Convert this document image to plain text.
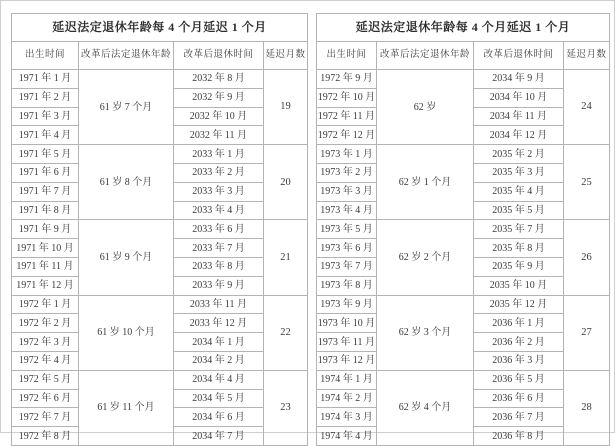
延迟法定退休年龄每 4 个月延迟 1 个月			
出生时间	改革后法定退休年龄	改革后退休时间	延迟月数
1971 年 1 月	61 岁 7 个月	2032 年 8 月	19
1971 年 2 月		2032 年 9 月	
1971 年 3 月		2032 年 10 月	
1971 年 4 月		2032 年 11 月	
1971 年 5 月	61 岁 8 个月	2033 年 1 月	20
1971 年 6 月		2033 年 2 月	
1971 年 7 月		2033 年 3 月	
1971 年 8 月		2033 年 4 月	
1971 年 9 月	61 岁 9 个月	2033 年 6 月	21
1971 年 10 月		2033 年 7 月	
1971 年 11 月		2033 年 8 月	
1971 年 12 月		2033 年 9 月	
1972 年 1 月	61 岁 10 个月	2033 年 11 月	22
1972 年 2 月		2033 年 12 月	
1972 年 3 月		2034 年 1 月	
1972 年 4 月		2034 年 2 月	
1972 年 5 月	61 岁 11 个月	2034 年 4 月	23
1972 年 6 月		2034 年 5 月	
1972 年 7 月		2034 年 6 月	
1972 年 8 月		2034 年 7 月	
延迟法定退休年龄每 4 个月延迟 1 个月			
出生时间	改革后法定退休年龄	改革后退休时间	延迟月数
1972 年 9 月	62 岁	2034 年 9 月	24
1972 年 10 月		2034 年 10 月	
1972 年 11 月		2034 年 11 月	
1972 年 12 月		2034 年 12 月	
1973 年 1 月	62 岁 1 个月	2035 年 2 月	25
1973 年 2 月		2035 年 3 月	
1973 年 3 月		2035 年 4 月	
1973 年 4 月		2035 年 5 月	
1973 年 5 月	62 岁 2 个月	2035 年 7 月	26
1973 年 6 月		2035 年 8 月	
1973 年 7 月		2035 年 9 月	
1973 年 8 月		2035 年 10 月	
1973 年 9 月	62 岁 3 个月	2035 年 12 月	27
1973 年 10 月		2036 年 1 月	
1973 年 11 月		2036 年 2 月	
1973 年 12 月		2036 年 3 月	
1974 年 1 月	62 岁 4 个月	2036 年 5 月	28
1974 年 2 月		2036 年 6 月	
1974 年 3 月		2036 年 7 月	
1974 年 4 月		2036 年 8 月	
